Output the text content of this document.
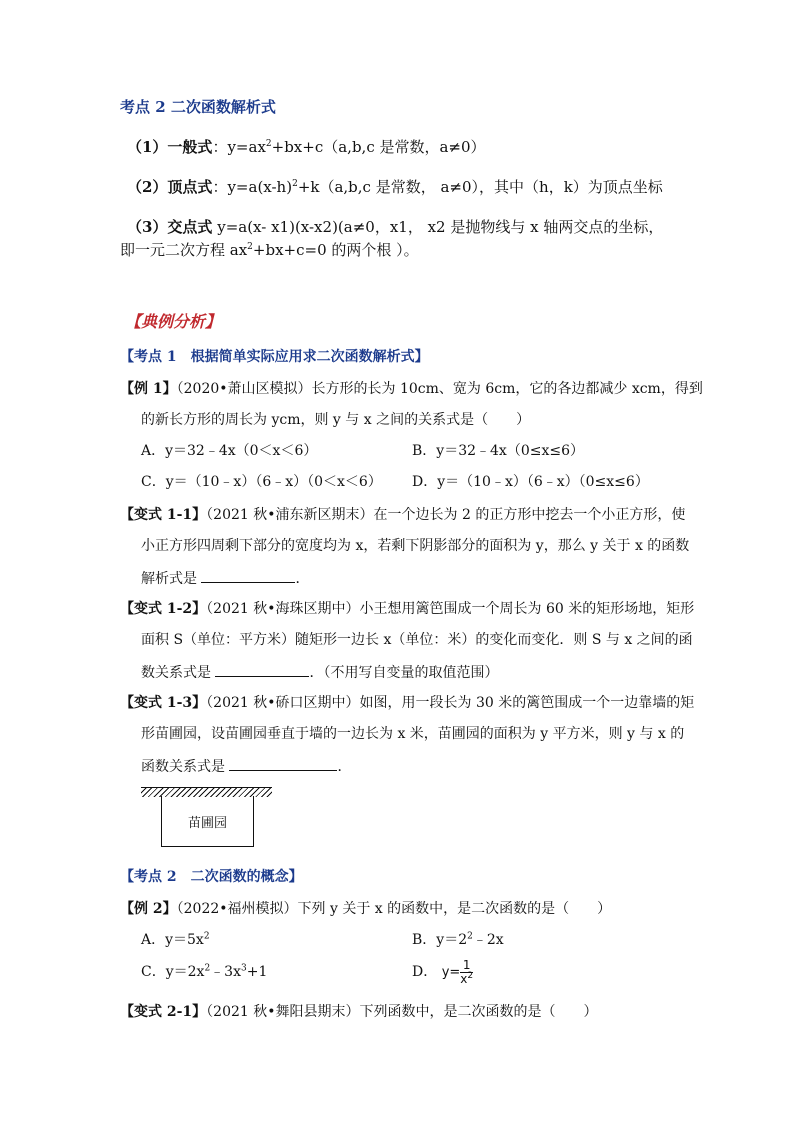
考点 2 二次函数解析式
（1）一般式：$y=ax^2+bx+c(a,b,c$ 是常数，a≠0）
（2）顶点式：$y=a(x-h)^2+k(a,b,c$ 是常数， a≠0），其中（h，k）为顶点坐标
（3）交点式 y=a(x- x1)(x-x2)(a≠0，x1， x2 是抛物线与 x 轴两交点的坐标，
即一元二次方程 $ax^2+bx+c=0$ 的两个根 ）。
【典例分析】
【考点 1　根据简单实际应用求二次函数解析式】
【例 1】（2020•萧山区模拟）长方形的长为 10cm、宽为 6cm，它的各边都减少 xcm，得到
的新长方形的周长为 ycm，则 y 与 x 之间的关系式是（　　）
A．y＝32﹣4x（0＜x＜6）	B．y＝32﹣4x（0≤x≤6）
C．y＝（10﹣x）（6﹣x）（0＜x＜6） D．y＝（10﹣x）（6﹣x）（0≤x≤6）
【变式 1-1】（2021 秋•浦东新区期末）在一个边长为 2 的正方形中挖去一个小正方形，使
小正方形四周剩下部分的宽度均为 x，若剩下阴影部分的面积为 y，那么 y 关于 x 的函数
解析式是	．
【变式 1-2】（2021 秋•海珠区期中）小王想用篱笆围成一个周长为 60 米的矩形场地，矩形
面积 S（单位：平方米）随矩形一边长 x（单位：米）的变化而变化．则 S 与 x 之间的函
数关系式是	．（不用写自变量的取值范围）
【变式 1-3】（2021 秋•硚口区期中）如图，用一段长为 30 米的篱笆围成一个一边靠墙的矩
形苗圃园，设苗圃园垂直于墙的一边长为 x 米，苗圃园的面积为 y 平方米，则 y 与 x 的
函数关系式是	．
苗圃园
【考点 2　二次函数的概念】
【例 2】（2022•福州模拟）下列 y 关于 x 的函数中，是二次函数的是（　　）
A．$y=5x^2$	B．$y=2^2﹣2x$
C．$y=2x^2﹣3x^3+1$	D． $y= \frac{1}{x^2}$
【变式 2-1】（2021 秋•舞阳县期末）下列函数中，是二次函数的是（　　）
